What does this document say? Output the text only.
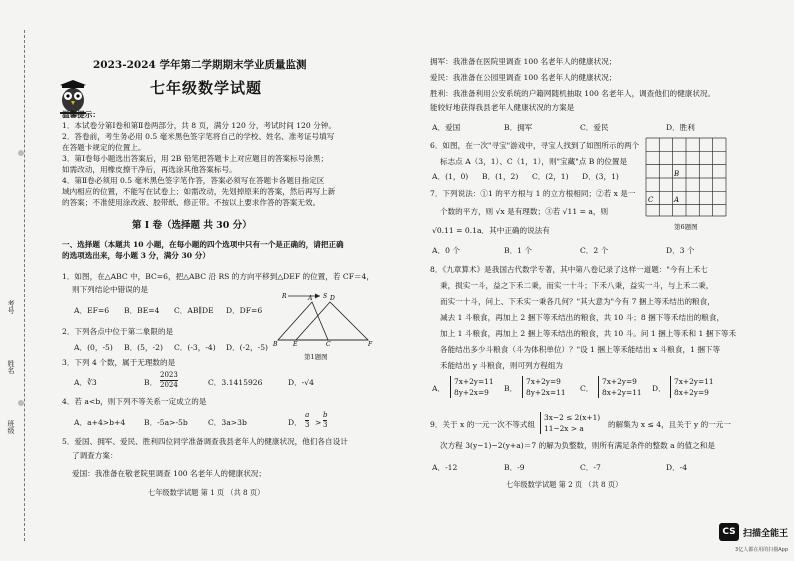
考号
姓名
班级
2023-2024 学年第二学期期末学业质量监测
七年级数学试题
温馨提示：
1．本试卷分第Ⅰ卷和第Ⅱ卷两部分，共 8 页，满分 120 分，考试时间 120 分钟。
2．答卷前，考生务必用 0.5 毫米黑色签字笔将自己的学校、姓名、准考证号填写
在答题卡规定的位置上。
3．第Ⅰ卷每小题选出答案后，用 2B 铅笔把答题卡上对应题目的答案标号涂黑；
如需改动，用橡皮擦干净后，再选涂其他答案标号。
4．第Ⅱ卷必须用 0.5 毫米黑色签字笔作答，答案必须写在答题卡各题目指定区
域内相应的位置，不能写在试卷上；如需改动，先划掉原来的答案，然后再写上新
的答案；不准使用涂改液、胶带纸、修正带。不按以上要求作答的答案无效。
第 Ⅰ 卷（选择题 共 30 分）
一、选择题（本题共 10 小题，在每小题的四个选项中只有一个是正确的，请把正确
的选项选出来，每小题 3 分，满分 30 分）
1．如图，在△ABC 中，BC=6，把△ABC 沿 RS 的方向平移到△DEF 的位置，若 CF＝4，
则下列结论中错误的是
A．EF=6 B．BE=4 C．AB∥DE D．DF=6
R	S
A	D
B	E	C	F
第1题图
2．下列各点中位于第二象限的是
A．(0，-5) B．(5，-2) C．(-3，-4) D．(-2，-5)
3．下列 4 个数，属于无理数的是
A．∛3	B． $\frac{2023}{2024}$	C．3.1415926	D．-√4
4．若 a<b，则下列不等关系一定成立的是
A．a+4>b+4 B．-5a>-5b	C．3a>3b	D． $\frac{a}{3} > \frac{b}{3}$
5．爱国、拥军、爱民、胜利四位同学准备调查我县老年人的健康状况，他们各自设计
了调查方案：
爱国：我准备在敬老院里调查 100 名老年人的健康状况；
七年级数学试题 第 1 页 （共 8 页）
拥军：我准备在医院里调查 100 名老年人的健康状况；
爱民：我准备在公园里调查 100 名老年人的健康状况；
胜利：我准备利用公安系统的户籍网随机抽取 100 名老年人，调查他们的健康状况。
能较好地获得我县老年人健康状况的方案是
A．爱国	B．拥军	C．爱民	D．胜利
6．如图，在一次"寻宝"游戏中，寻宝人找到了如图所示的两个
标志点 A（3，1）、C（1，1），则"宝藏"点 B 的位置是
A．(1，0) B．(1，2) C．(2，1) D．(3，1)	B
C	A
第6题图
7．下列说法：①1 的平方根与 1 的立方根相同；②若 x 是一
个数的平方，则 √x 是有理数；③若 √11 = a，则
√0.11 = 0.1a．其中正确的说法有
A．0 个	B．1 个	C．2 个	D．3 个
8．《九章算术》是我国古代数学专著，其中第八卷记录了这样一道题："今有上禾七
秉，损实一斗，益之下禾二秉，而实一十斗；下禾八秉，益实一斗，与上禾二秉，
而实一十斗，问上、下禾实一秉各几何？"其大意为"今有 7 捆上等禾结出的粮食，
减去 1 斗粮食，再加上 2 捆下等禾结出的粮食，共 10 斗；8 捆下等禾结出的粮食，
加上 1 斗粮食，再加上 2 捆上等禾结出的粮食，共 10 斗。问 1 捆上等禾和 1 捆下等禾
各能结出多少斗粮食（斗为体积单位）？"设 1 捆上等禾能结出 x 斗粮食，1 捆下等
禾能结出 y 斗粮食，则可列方程组为
A．
7x+2y=11
8y+2x=9	B．
7x+2y=9
8y+2x=11 C．
7x+2y=9
8x+2y=11 D．
7x+2y=11
8x+2y=9
9．关于 x 的一元一次不等式组
3x−2 ≤ 2(x+1)
11−2x > a	的解集为 x ≤ 4，且关于 y 的一元一
次方程 3(y−1)−2(y+a)＝7 的解为负整数，则所有满足条件的整数 a 的值之和是
A．-12	B．-9	C．-7	D．-4
七年级数学试题 第 2 页 （共 8 页）
CS 扫描全能王
3亿人都在用的扫描App
